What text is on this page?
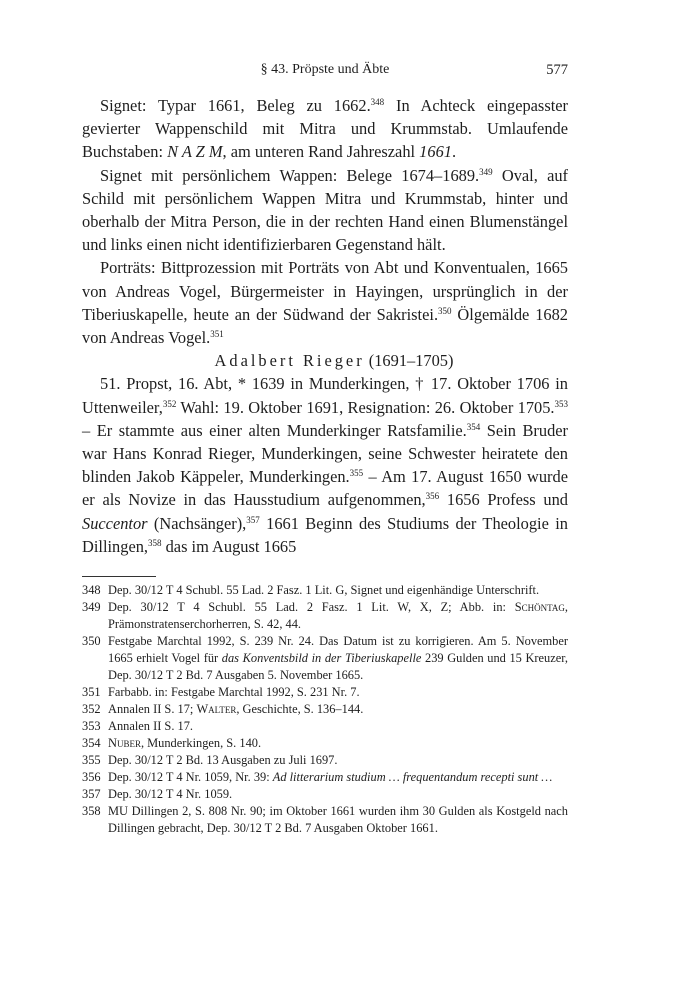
§ 43. Pröpste und Äbte	577

Signet: Typar 1661, Beleg zu 1662.$^{348}$ In Achteck eingepasster gevierter Wappenschild mit Mitra und Krummstab. Umlaufende Buchstaben: N A Z M, am unteren Rand Jahreszahl 1661.

Signet mit persönlichem Wappen: Belege 1674–1689.$^{349}$ Oval, auf Schild mit persönlichem Wappen Mitra und Krummstab, hinter und oberhalb der Mitra Person, die in der rechten Hand einen Blumenstängel und links einen nicht identifizierbaren Gegenstand hält.

Porträts: Bittprozession mit Porträts von Abt und Konventualen, 1665 von Andreas Vogel, Bürgermeister in Hayingen, ursprünglich in der Tiberiuskapelle, heute an der Südwand der Sakristei.$^{350}$ Ölgemälde 1682 von Andreas Vogel.$^{351}$

Adalbert Rieger (1691–1705)

51. Propst, 16. Abt, * 1639 in Munderkingen, † 17. Oktober 1706 in Uttenweiler,$^{352}$ Wahl: 19. Oktober 1691, Resignation: 26. Oktober 1705.$^{353}$ – Er stammte aus einer alten Munderkinger Ratsfamilie.$^{354}$ Sein Bruder war Hans Konrad Rieger, Munderkingen, seine Schwester heiratete den blinden Jakob Käppeler, Munderkingen.$^{355}$ – Am 17. August 1650 wurde er als Novize in das Hausstudium aufgenommen,$^{356}$ 1656 Profess und Succentor (Nachsänger),$^{357}$ 1661 Beginn des Studiums der Theologie in Dillingen,$^{358}$ das im August 1665

348 Dep. 30/12 T 4 Schubl. 55 Lad. 2 Fasz. 1 Lit. G, Signet und eigenhändige Unterschrift.
349 Dep. 30/12 T 4 Schubl. 55 Lad. 2 Fasz. 1 Lit. W, X, Z; Abb. in: Schöntag, Prämonstratenserchorherren, S. 42, 44.
350 Festgabe Marchtal 1992, S. 239 Nr. 24. Das Datum ist zu korrigieren. Am 5. November 1665 erhielt Vogel für das Konventsbild in der Tiberiuskapelle 239 Gulden und 15 Kreuzer, Dep. 30/12 T 2 Bd. 7 Ausgaben 5. November 1665.
351 Farbabb. in: Festgabe Marchtal 1992, S. 231 Nr. 7.
352 Annalen II S. 17; Walter, Geschichte, S. 136–144.
353 Annalen II S. 17.
354 Nuber, Munderkingen, S. 140.
355 Dep. 30/12 T 2 Bd. 13 Ausgaben zu Juli 1697.
356 Dep. 30/12 T 4 Nr. 1059, Nr. 39: Ad litterarium studium … frequentandum recepti sunt …
357 Dep. 30/12 T 4 Nr. 1059.
358 MU Dillingen 2, S. 808 Nr. 90; im Oktober 1661 wurden ihm 30 Gulden als Kostgeld nach Dillingen gebracht, Dep. 30/12 T 2 Bd. 7 Ausgaben Oktober 1661.
